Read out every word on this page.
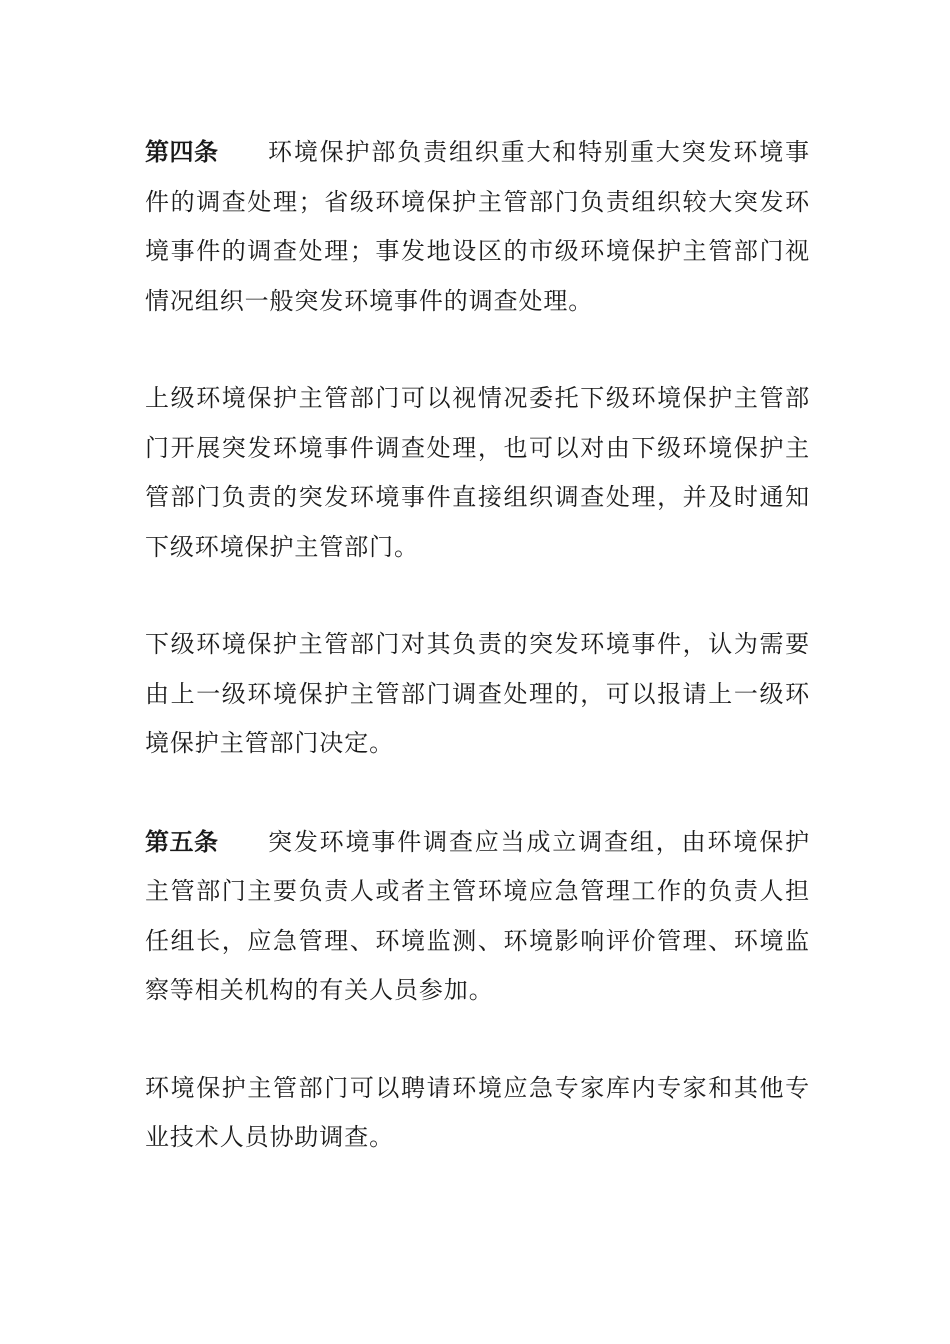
第四条 环境保护部负责组织重大和特别重大突发环境事件的调查处理；省级环境保护主管部门负责组织较大突发环境事件的调查处理；事发地设区的市级环境保护主管部门视情况组织一般突发环境事件的调查处理。

上级环境保护主管部门可以视情况委托下级环境保护主管部门开展突发环境事件调查处理，也可以对由下级环境保护主管部门负责的突发环境事件直接组织调查处理，并及时通知下级环境保护主管部门。

下级环境保护主管部门对其负责的突发环境事件，认为需要由上一级环境保护主管部门调查处理的，可以报请上一级环境保护主管部门决定。

第五条 突发环境事件调查应当成立调查组，由环境保护主管部门主要负责人或者主管环境应急管理工作的负责人担任组长，应急管理、环境监测、环境影响评价管理、环境监察等相关机构的有关人员参加。

环境保护主管部门可以聘请环境应急专家库内专家和其他专业技术人员协助调查。
